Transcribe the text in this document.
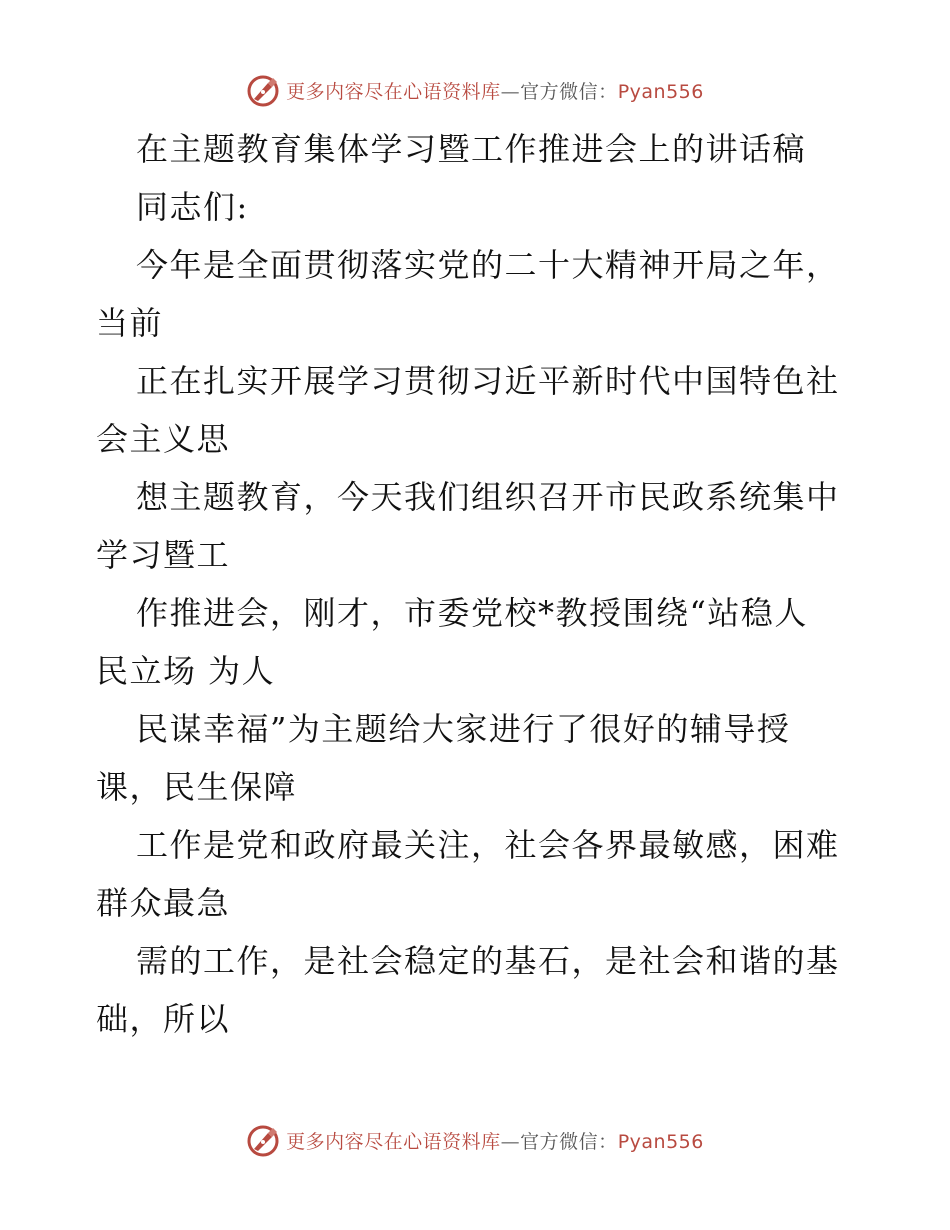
更多内容尽在心语资料库—官方微信：Pyan556
在主题教育集体学习暨工作推进会上的讲话稿
同志们:
今年是全面贯彻落实党的二十大精神开局之年，
当前
正在扎实开展学习贯彻习近平新时代中国特色社
会主义思
想主题教育，今天我们组织召开市民政系统集中
学习暨工
作推进会，刚才，市委党校*教授围绕“站稳人
民立场 为人
民谋幸福”为主题给大家进行了很好的辅导授
课，民生保障
工作是党和政府最关注，社会各界最敏感，困难
群众最急
需的工作，是社会稳定的基石，是社会和谐的基
础，所以
更多内容尽在心语资料库—官方微信：Pyan556
